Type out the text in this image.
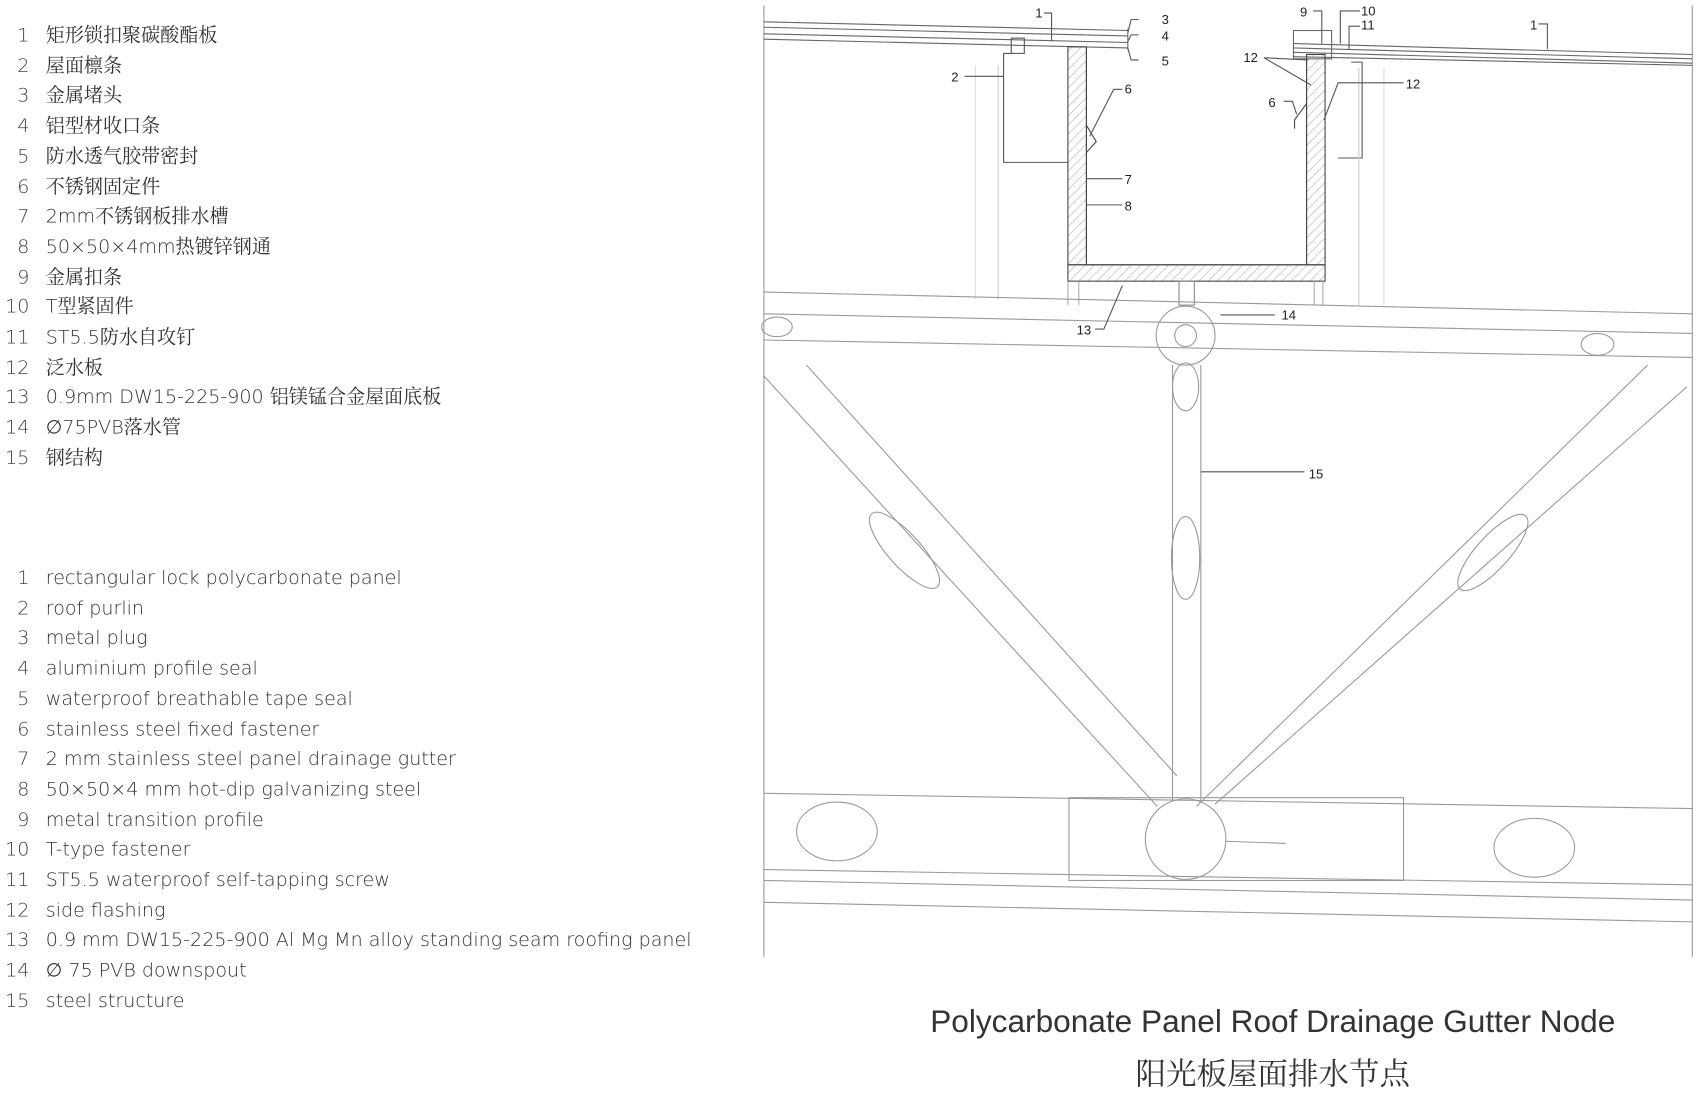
1 矩形锁扣聚碳酸酯板
2 屋面檩条
3 金属堵头
4 铝型材收口条
5 防水透气胶带密封
6 不锈钢固定件
7 2mm不锈钢板排水槽
8 50×50×4mm热镀锌钢通
9 金属扣条
10 T型紧固件
11 ST5.5防水自攻钉
12 泛水板
13 0.9mm DW15-225-900 铝镁锰合金屋面底板
14 ∅75PVB落水管
15 钢结构
1 rectangular lock polycarbonate panel
2 roof purlin
3 metal plug
4 aluminium profile seal
5 waterproof breathable tape seal
6 stainless steel fixed fastener
7 2 mm stainless steel panel drainage gutter
8 50×50×4 mm hot-dip galvanizing steel
9 metal transition profile
10 T-type fastener
11 ST5.5 waterproof self-tapping screw
12 side flashing
13 0.9 mm DW15-225-900 Al Mg Mn alloy standing seam roofing panel
14 ∅ 75 PVB downspout
15 steel structure
1	3
4
5
2
6
7
8
9	10
11	1
12
12
6
13
14
15
Polycarbonate Panel Roof Drainage Gutter Node
阳光板屋面排水节点
